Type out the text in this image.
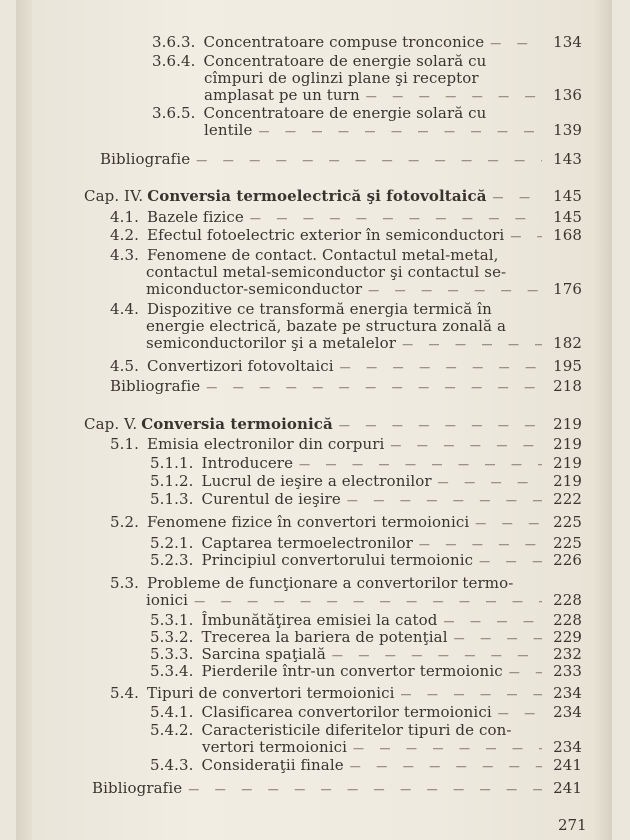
3.6.3. Concentratoare compuse tronconice — — —	134
3.6.4. Concentratoare de energie solară cu
cîmpuri de oglinzi plane şi receptor
amplasat pe un turn — — —	136
3.6.5. Concentratoare de energie solară cu
lentile — — —	139
Bibliografie — — —	143
Cap. IV. Conversia termoelectrică şi fotovoltaică — — —	145
4.1. Bazele fizice — — —	145
4.2. Efectul fotoelectric exterior în semiconductori — — —	168
4.3. Fenomene de contact. Contactul metal-metal,
contactul metal-semiconductor şi contactul se-
miconductor-semiconductor — — —	176
4.4. Dispozitive ce transformă energia termică în
energie electrică, bazate pe structura zonală a
semiconductorilor şi a metalelor — — —	182
4.5. Convertizori fotovoltaici — — —	195
Bibliografie — — —	218
Cap. V. Conversia termoionică — — —	219
5.1. Emisia electronilor din corpuri — — —	219
5.1.1. Introducere — — —	219
5.1.2. Lucrul de ieşire a electronilor — — —	219
5.1.3. Curentul de ieşire — — —	222
5.2. Fenomene fizice în convertori termoionici — — —	225
5.2.1. Captarea termoelectronilor — — —	225
5.2.3. Principiul convertorului termoionic — — —	226
5.3. Probleme de funcţionare a convertorilor termo-
ionici — — —	228
5.3.1. Îmbunătăţirea emisiei la catod — — —	228
5.3.2. Trecerea la bariera de potenţial — — —	229
5.3.3. Sarcina spaţială — — —	232
5.3.4. Pierderile într-un convertor termoionic — — —	233
5.4. Tipuri de convertori termoionici — — —	234
5.4.1. Clasificarea convertorilor termoionici — — —	234
5.4.2. Caracteristicile diferitelor tipuri de con-
vertori termoionici — — —	234
5.4.3. Consideraţii finale — — —	241
Bibliografie — — —	241
271
